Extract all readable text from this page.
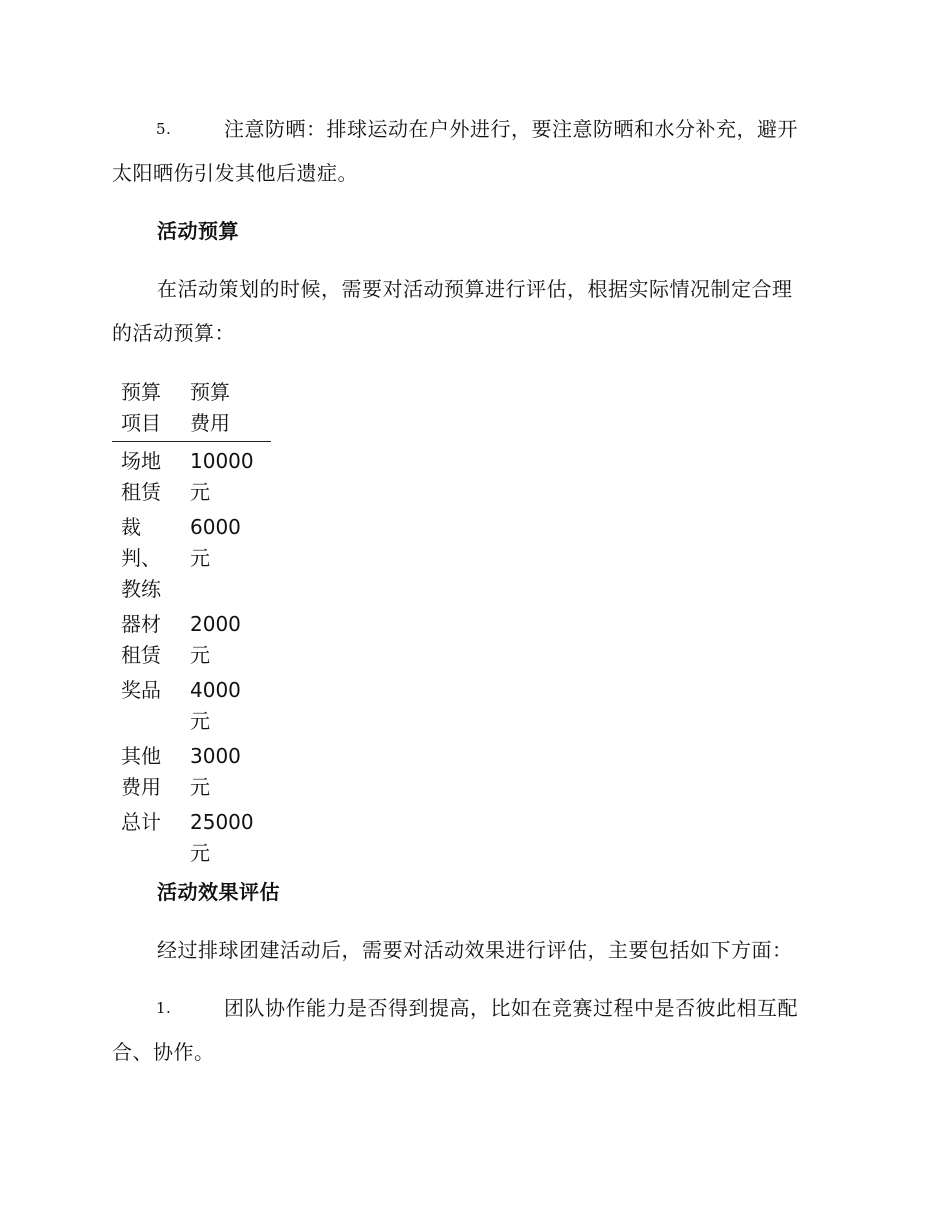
5.	注意防晒：排球运动在户外进行，要注意防晒和水分补充，避开
太阳晒伤引发其他后遗症。
活动预算
在活动策划的时候，需要对活动预算进行评估，根据实际情况制定合理
的活动预算：
预算项目	预算费用

场地租赁	10000元

裁判、教练	6000元

器材租赁	2000元

奖品	4000元

其他费用	3000元

总计	25000元
活动效果评估
经过排球团建活动后，需要对活动效果进行评估，主要包括如下方面：
1.	团队协作能力是否得到提高，比如在竞赛过程中是否彼此相互配
合、协作。
